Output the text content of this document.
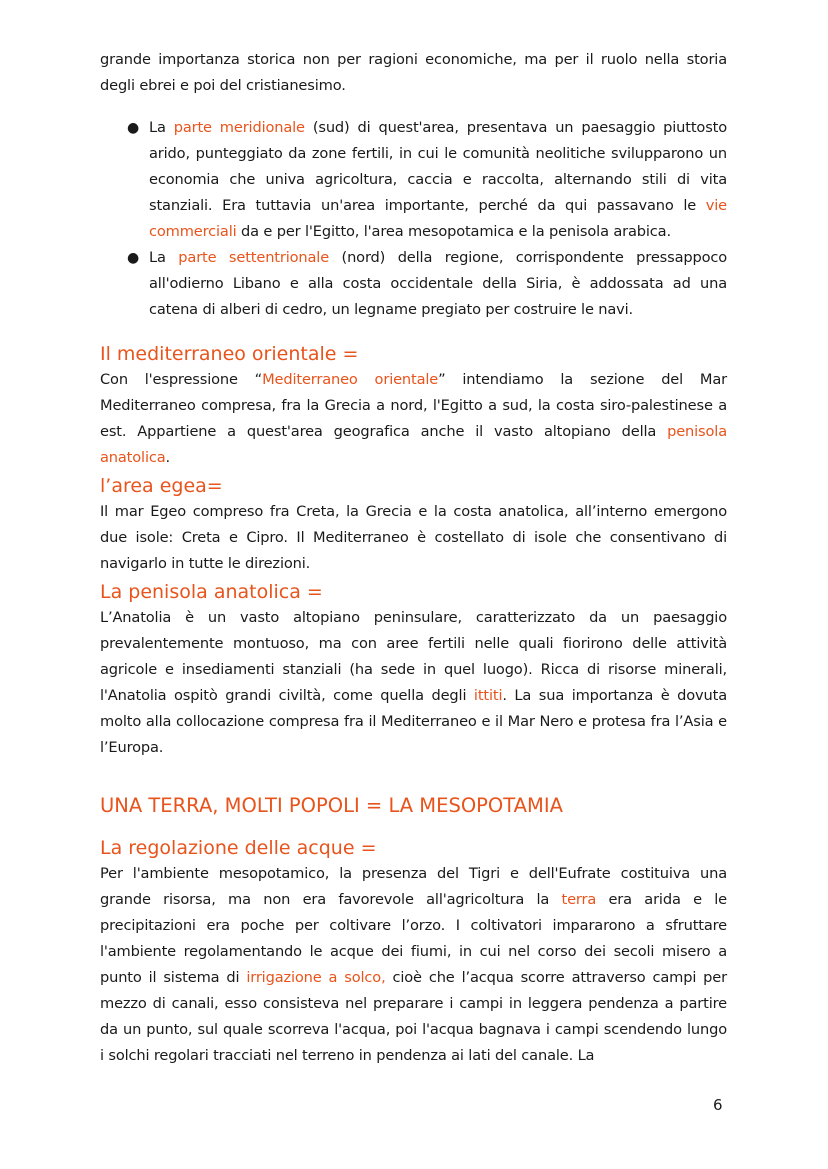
grande importanza storica non per ragioni economiche, ma per il ruolo nella storia degli ebrei e poi del cristianesimo.

● La parte meridionale (sud) di quest'area, presentava un paesaggio piuttosto arido, punteggiato da zone fertili, in cui le comunità neolitiche svilupparono un economia che univa agricoltura, caccia e raccolta, alternando stili di vita stanziali. Era tuttavia un'area importante, perché da qui passavano le vie commerciali da e per l'Egitto, l'area mesopotamica e la penisola arabica.
● La parte settentrionale (nord) della regione, corrispondente pressappoco all'odierno Libano e alla costa occidentale della Siria, è addossata ad una catena di alberi di cedro, un legname pregiato per costruire le navi.
Il mediterraneo orientale =

Con l'espressione “Mediterraneo orientale” intendiamo la sezione del Mar Mediterraneo compresa, fra la Grecia a nord, l'Egitto a sud, la costa siro-palestinese a est. Appartiene a quest'area geografica anche il vasto altopiano della penisola anatolica.

l’area egea=

Il mar Egeo compreso fra Creta, la Grecia e la costa anatolica, all’interno emergono due isole: Creta e Cipro. Il Mediterraneo è costellato di isole che consentivano di navigarlo in tutte le direzioni.

La penisola anatolica =

L’Anatolia è un vasto altopiano peninsulare, caratterizzato da un paesaggio prevalentemente montuoso, ma con aree fertili nelle quali fiorirono delle attività agricole e insediamenti stanziali (ha sede in quel luogo). Ricca di risorse minerali, l'Anatolia ospitò grandi civiltà, come quella degli ittiti. La sua importanza è dovuta molto alla collocazione compresa fra il Mediterraneo e il Mar Nero e protesa fra l’Asia e l’Europa.

UNA TERRA, MOLTI POPOLI = LA MESOPOTAMIA
La regolazione delle acque =

Per l'ambiente mesopotamico, la presenza del Tigri e dell'Eufrate costituiva una grande risorsa, ma non era favorevole all'agricoltura la terra era arida e le precipitazioni era poche per coltivare l’orzo. I coltivatori impararono a sfruttare l'ambiente regolamentando le acque dei fiumi, in cui nel corso dei secoli misero a punto il sistema di irrigazione a solco, cioè che l’acqua scorre attraverso campi per mezzo di canali, esso consisteva nel preparare i campi in leggera pendenza a partire da un punto, sul quale scorreva l'acqua, poi l'acqua bagnava i campi scendendo lungo i solchi regolari tracciati nel terreno in pendenza ai lati del canale. La

6
